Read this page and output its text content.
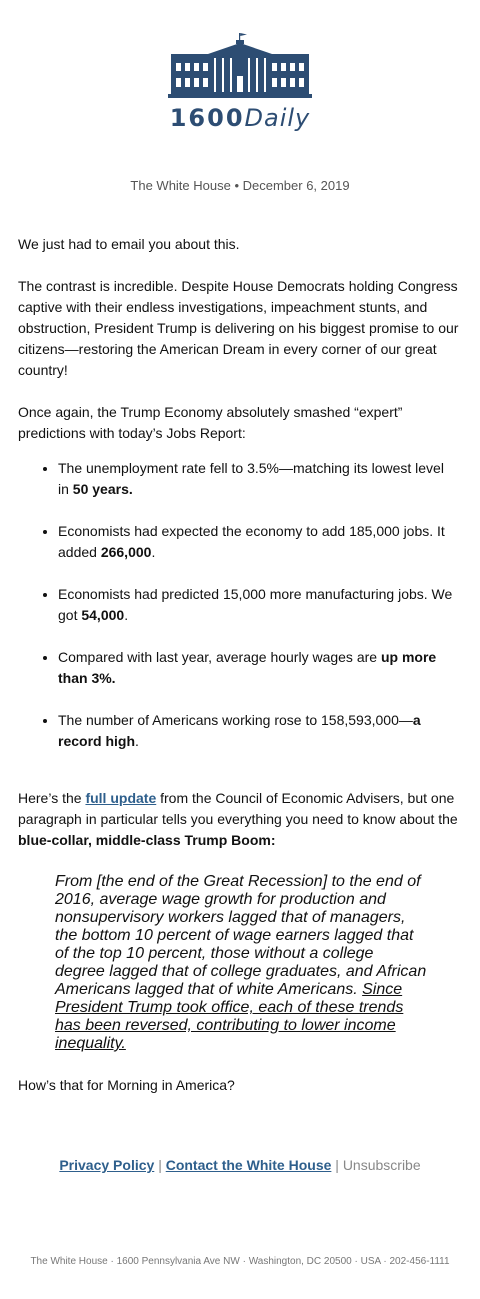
1600Daily
The White House • December 6, 2019

We just had to email you about this.

The contrast is incredible. Despite House Democrats holding Congress captive with their endless investigations, impeachment stunts, and obstruction, President Trump is delivering on his biggest promise to our citizens—restoring the American Dream in every corner of our great country!

Once again, the Trump Economy absolutely smashed “expert” predictions with today’s Jobs Report:

• The unemployment rate fell to 3.5%—matching its lowest level in 50 years.
• Economists had expected the economy to add 185,000 jobs. It added 266,000.
• Economists had predicted 15,000 more manufacturing jobs. We got 54,000.
• Compared with last year, average hourly wages are up more than 3%.
• The number of Americans working rose to 158,593,000—a record high.

Here’s the full update from the Council of Economic Advisers, but one paragraph in particular tells you everything you need to know about the blue-collar, middle-class Trump Boom:

From [the end of the Great Recession] to the end of 2016, average wage growth for production and nonsupervisory workers lagged that of managers, the bottom 10 percent of wage earners lagged that of the top 10 percent, those without a college degree lagged that of college graduates, and African Americans lagged that of white Americans. Since President Trump took office, each of these trends has been reversed, contributing to lower income inequality.

How’s that for Morning in America?

Privacy Policy | Contact the White House | Unsubscribe
The White House · 1600 Pennsylvania Ave NW · Washington, DC 20500 · USA · 202-456-1111
